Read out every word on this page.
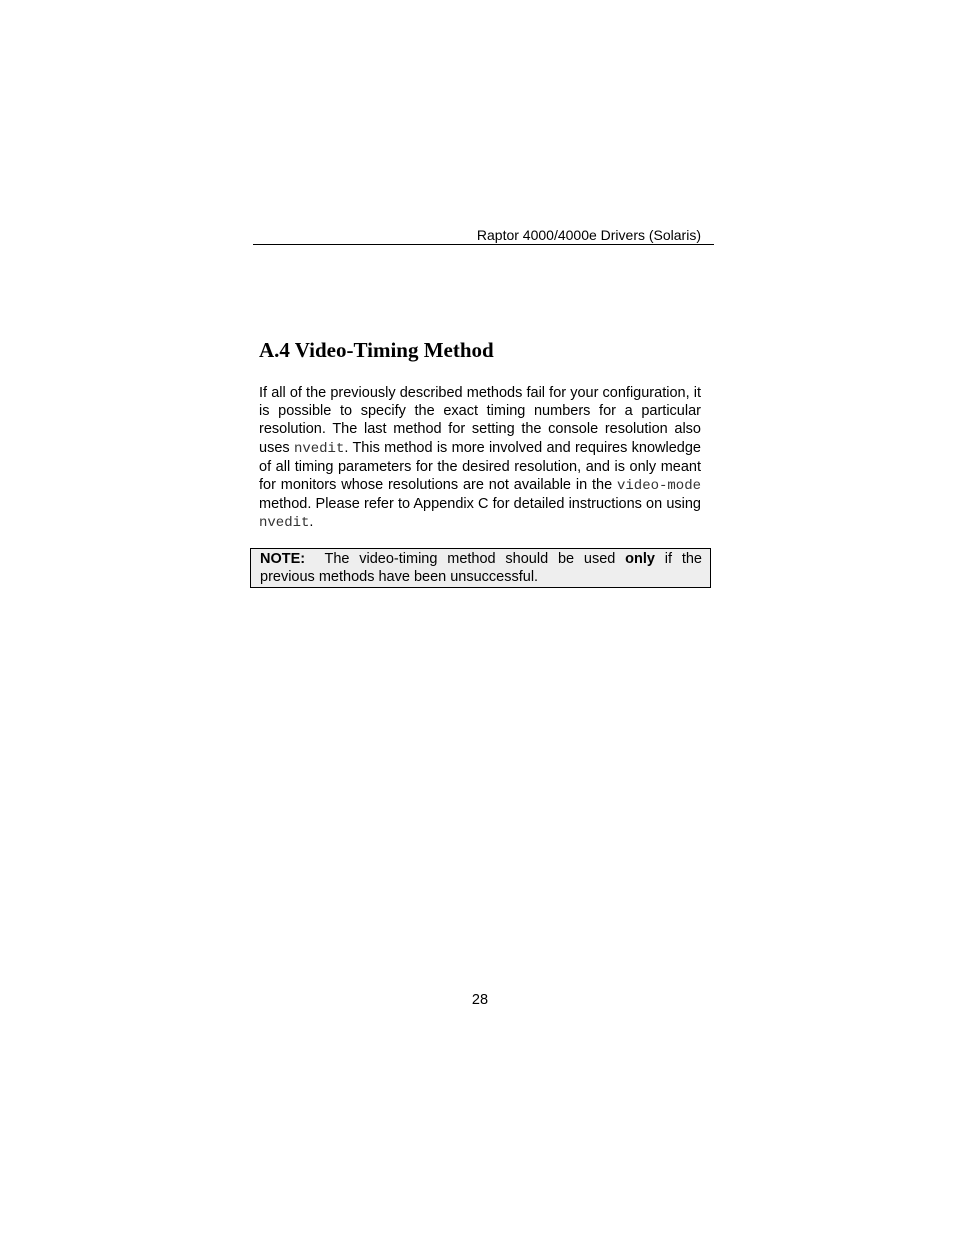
Raptor 4000/4000e Drivers (Solaris)
A.4 Video-Timing Method

If all of the previously described methods fail for your configuration, it is possible to specify the exact timing numbers for a particular resolution. The last method for setting the console resolution also uses nvedit. This method is more involved and requires knowledge of all timing parameters for the desired resolution, and is only meant for monitors whose resolutions are not available in the video-mode method. Please refer to Appendix C for detailed instructions on using nvedit.

NOTE:  The video-timing method should be used only if the previous methods have been unsuccessful.
28
